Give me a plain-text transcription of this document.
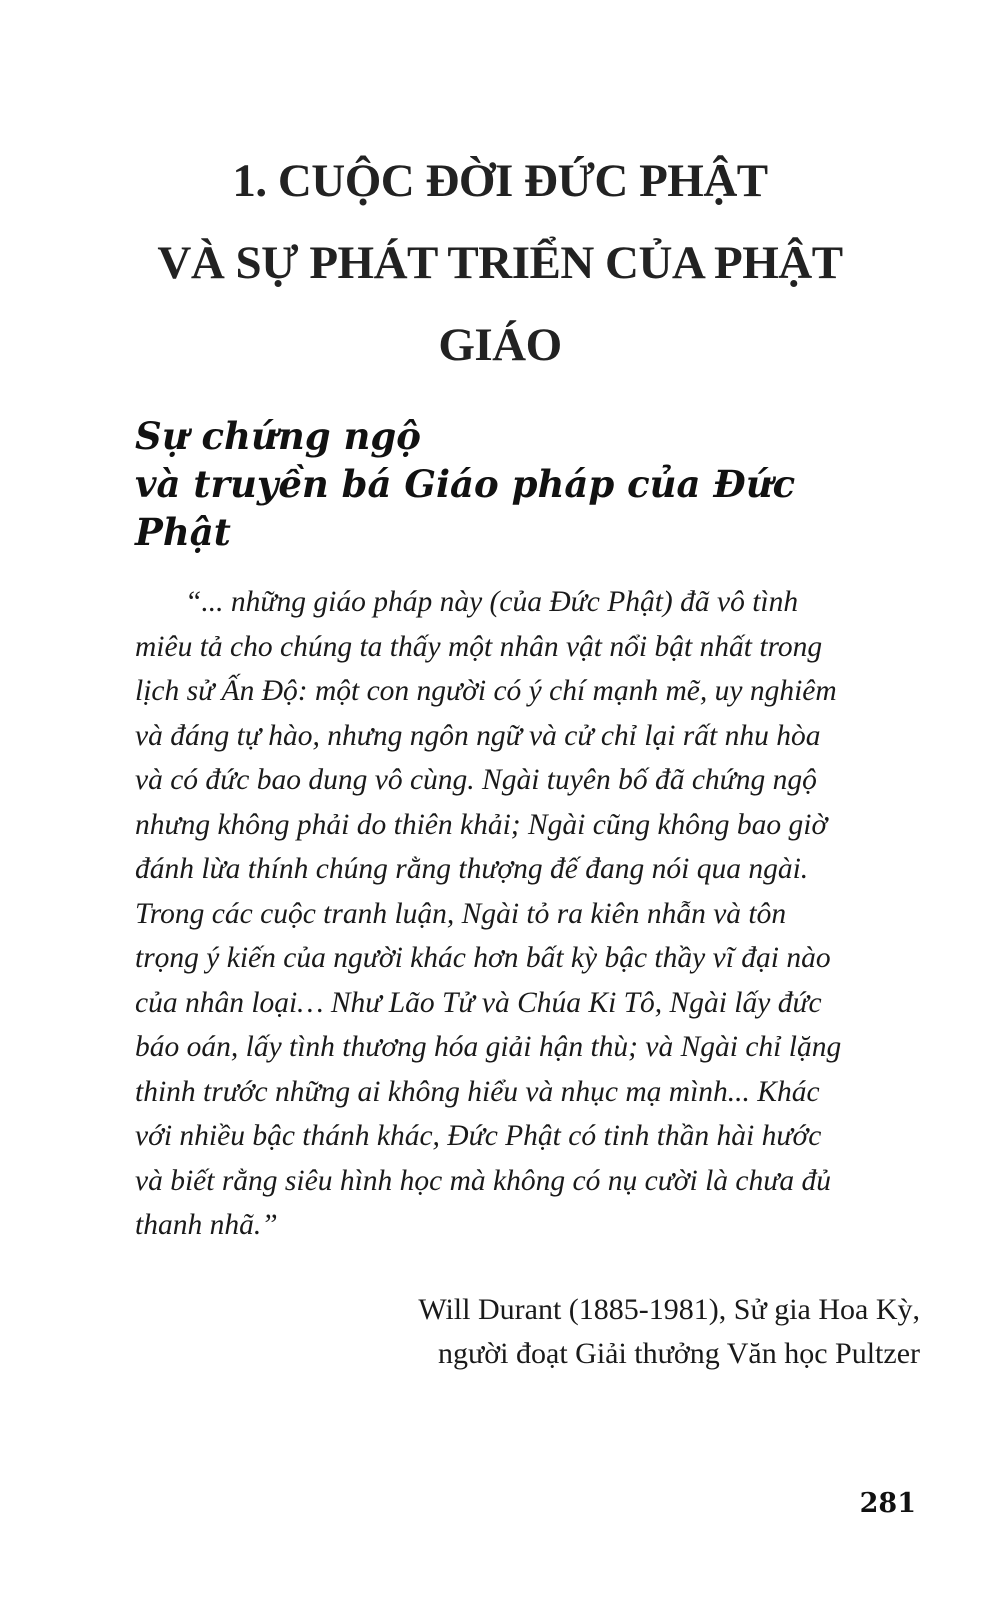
1. CUỘC ĐỜI ĐỨC PHẬT
VÀ SỰ PHÁT TRIỂN CỦA PHẬT
GIÁO
Sự chứng ngộ
và truyền bá Giáo pháp của Đức
Phật
“... những giáo pháp này (của Đức Phật) đã vô tình
miêu tả cho chúng ta thấy một nhân vật nổi bật nhất trong
lịch sử Ấn Độ: một con người có ý chí mạnh mẽ, uy nghiêm
và đáng tự hào, nhưng ngôn ngữ và cử chỉ lại rất nhu hòa
và có đức bao dung vô cùng. Ngài tuyên bố đã chứng ngộ
nhưng không phải do thiên khải; Ngài cũng không bao giờ
đánh lừa thính chúng rằng thượng đế đang nói qua ngài.
Trong các cuộc tranh luận, Ngài tỏ ra kiên nhẫn và tôn
trọng ý kiến của người khác hơn bất kỳ bậc thầy vĩ đại nào
của nhân loại… Như Lão Tử và Chúa Ki Tô, Ngài lấy đức
báo oán, lấy tình thương hóa giải hận thù; và Ngài chỉ lặng
thinh trước những ai không hiểu và nhục mạ mình... Khác
với nhiều bậc thánh khác, Đức Phật có tinh thần hài hước
và biết rằng siêu hình học mà không có nụ cười là chưa đủ
thanh nhã.”

Will Durant (1885-1981), Sử gia Hoa Kỳ,
người đoạt Giải thưởng Văn học Pultzer

281
